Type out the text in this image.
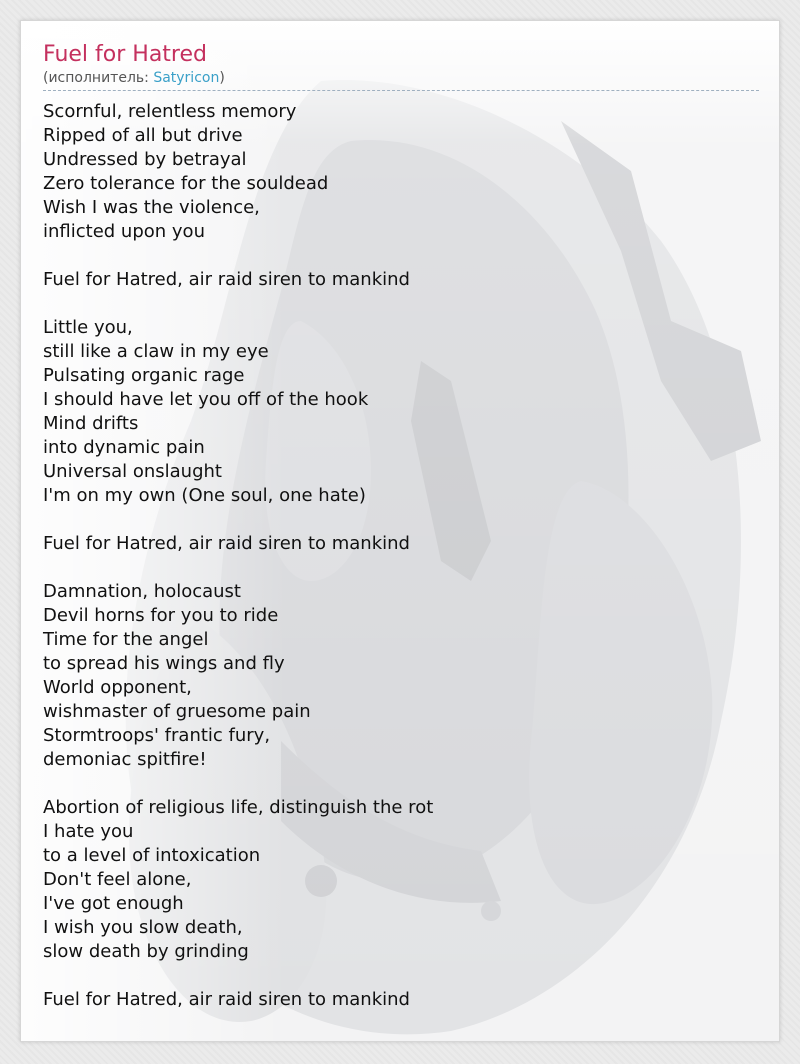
Fuel for Hatred
(исполнитель: Satyricon)
Scornful, relentless memory
Ripped of all but drive
Undressed by betrayal
Zero tolerance for the souldead
Wish I was the violence,
inflicted upon you
Fuel for Hatred, air raid siren to mankind
Little you,
still like a claw in my eye
Pulsating organic rage
I should have let you off of the hook
Mind drifts
into dynamic pain
Universal onslaught
I'm on my own (One soul, one hate)
Fuel for Hatred, air raid siren to mankind
Damnation, holocaust
Devil horns for you to ride
Time for the angel
to spread his wings and fly
World opponent,
wishmaster of gruesome pain
Stormtroops' frantic fury,
demoniac spitfire!
Abortion of religious life, distinguish the rot
I hate you
to a level of intoxication
Don't feel alone,
I've got enough
I wish you slow death,
slow death by grinding
Fuel for Hatred, air raid siren to mankind
